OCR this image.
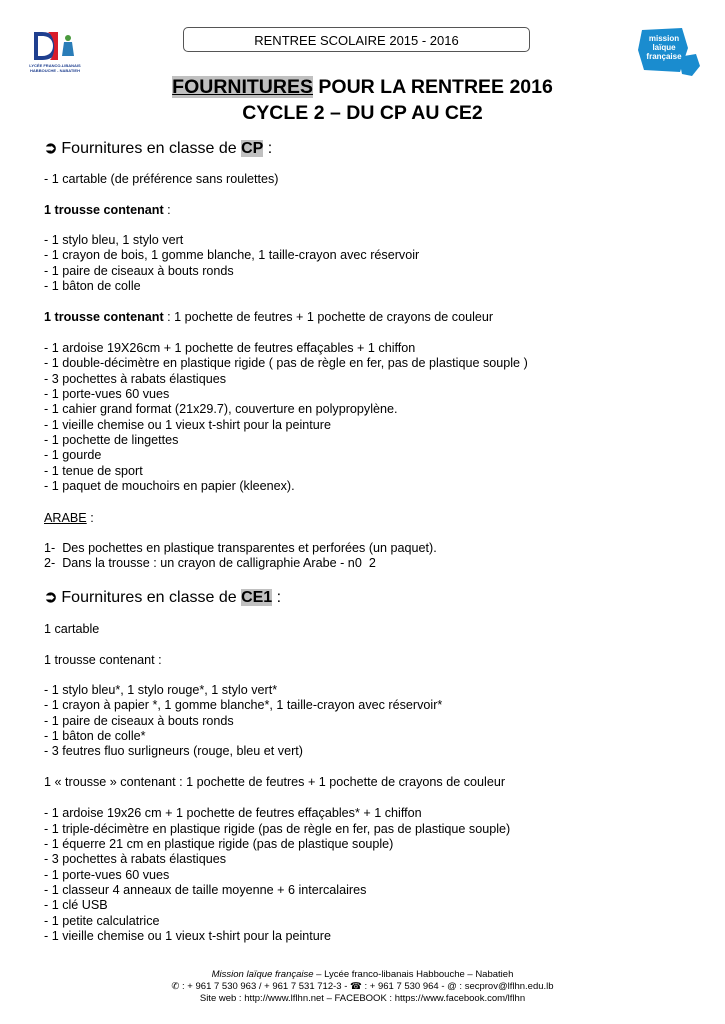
LYCÉE FRANCO-LIBANAIS
HABBOUCHE - NABATIEH
RENTREE SCOLAIRE 2015 - 2016	mission
laïque
française
FOURNITURES POUR LA RENTREE 2016
CYCLE 2 – DU CP AU CE2
➲ Fournitures en classe de CP :
- 1 cartable (de préférence sans roulettes)
1 trousse contenant :
- 1 stylo bleu, 1 stylo vert
- 1 crayon de bois, 1 gomme blanche, 1 taille-crayon avec réservoir
- 1 paire de ciseaux à bouts ronds
- 1 bâton de colle
1 trousse contenant : 1 pochette de feutres + 1 pochette de crayons de couleur
- 1 ardoise 19X26cm + 1 pochette de feutres effaçables + 1 chiffon
- 1 double-décimètre en plastique rigide ( pas de règle en fer, pas de plastique souple )
- 3 pochettes à rabats élastiques
- 1 porte-vues 60 vues
- 1 cahier grand format (21x29.7), couverture en polypropylène.
- 1 vieille chemise ou 1 vieux t-shirt pour la peinture
- 1 pochette de lingettes
- 1 gourde
- 1 tenue de sport
- 1 paquet de mouchoirs en papier (kleenex).
ARABE :
1-  Des pochettes en plastique transparentes et perforées (un paquet).
2-  Dans la trousse : un crayon de calligraphie Arabe - n0  2
➲ Fournitures en classe de CE1 :
1 cartable
1 trousse contenant :
- 1 stylo bleu*, 1 stylo rouge*, 1 stylo vert*
- 1 crayon à papier *, 1 gomme blanche*, 1 taille-crayon avec réservoir*
- 1 paire de ciseaux à bouts ronds
- 1 bâton de colle*
- 3 feutres fluo surligneurs (rouge, bleu et vert)
1 « trousse » contenant : 1 pochette de feutres + 1 pochette de crayons de couleur
- 1 ardoise 19x26 cm + 1 pochette de feutres effaçables* + 1 chiffon
- 1 triple-décimètre en plastique rigide (pas de règle en fer, pas de plastique souple)
- 1 équerre 21 cm en plastique rigide (pas de plastique souple)
- 3 pochettes à rabats élastiques
- 1 porte-vues 60 vues
- 1 classeur 4 anneaux de taille moyenne + 6 intercalaires
- 1 clé USB
- 1 petite calculatrice
- 1 vieille chemise ou 1 vieux t-shirt pour la peinture
Mission laïque française – Lycée franco-libanais Habbouche – Nabatieh
✆ : + 961 7 530 963 / + 961 7 531 712-3 - ☎ : + 961 7 530 964 - @ : secprov@lflhn.edu.lb
Site web : http://www.lflhn.net – FACEBOOK : https://www.facebook.com/lflhn
